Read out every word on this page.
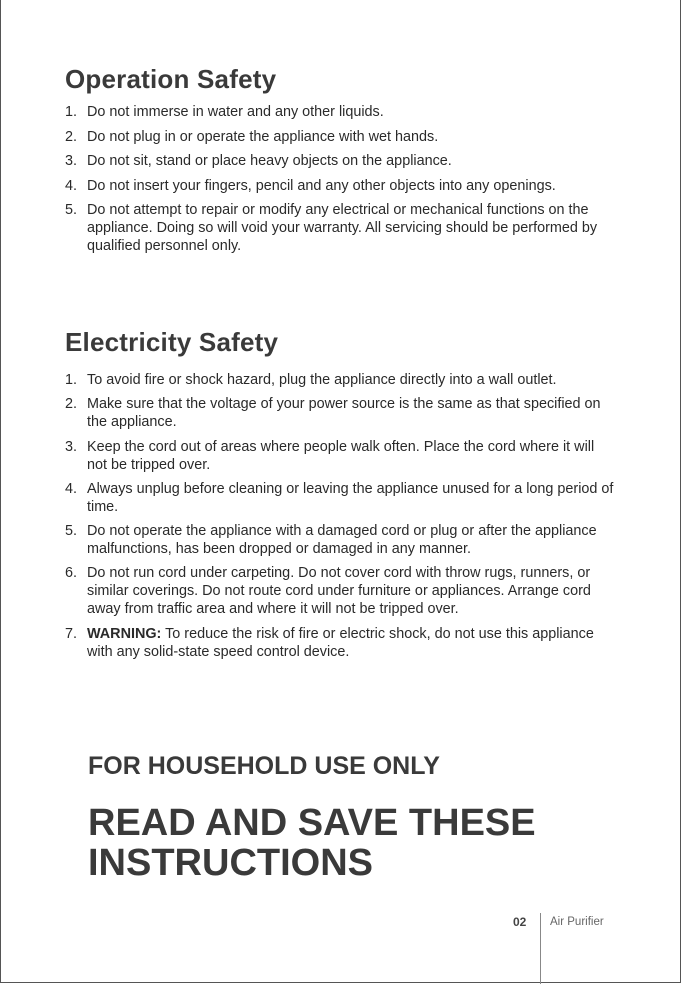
Operation Safety
1. Do not immerse in water and any other liquids.
2. Do not plug in or operate the appliance with wet hands.
3. Do not sit, stand or place heavy objects on the appliance.
4. Do not insert your fingers, pencil and any other objects into any openings.
5. Do not attempt to repair or modify any electrical or mechanical functions on the appliance. Doing so will void your warranty. All servicing should be performed by qualified personnel only.
Electricity Safety
1. To avoid fire or shock hazard, plug the appliance directly into a wall outlet.
2. Make sure that the voltage of your power source is the same as that specified on the appliance.
3. Keep the cord out of areas where people walk often. Place the cord where it will not be tripped over.
4. Always unplug before cleaning or leaving the appliance unused for a long period of time.
5. Do not operate the appliance with a damaged cord or plug or after the appliance malfunctions, has been dropped or damaged in any manner.
6. Do not run cord under carpeting. Do not cover cord with throw rugs, runners, or similar coverings. Do not route cord under furniture or appliances. Arrange cord away from traffic area and where it will not be tripped over.
7. WARNING: To reduce the risk of fire or electric shock, do not use this appliance with any solid-state speed control device.
FOR HOUSEHOLD USE ONLY
READ AND SAVE THESE INSTRUCTIONS
02 Air Purifier
